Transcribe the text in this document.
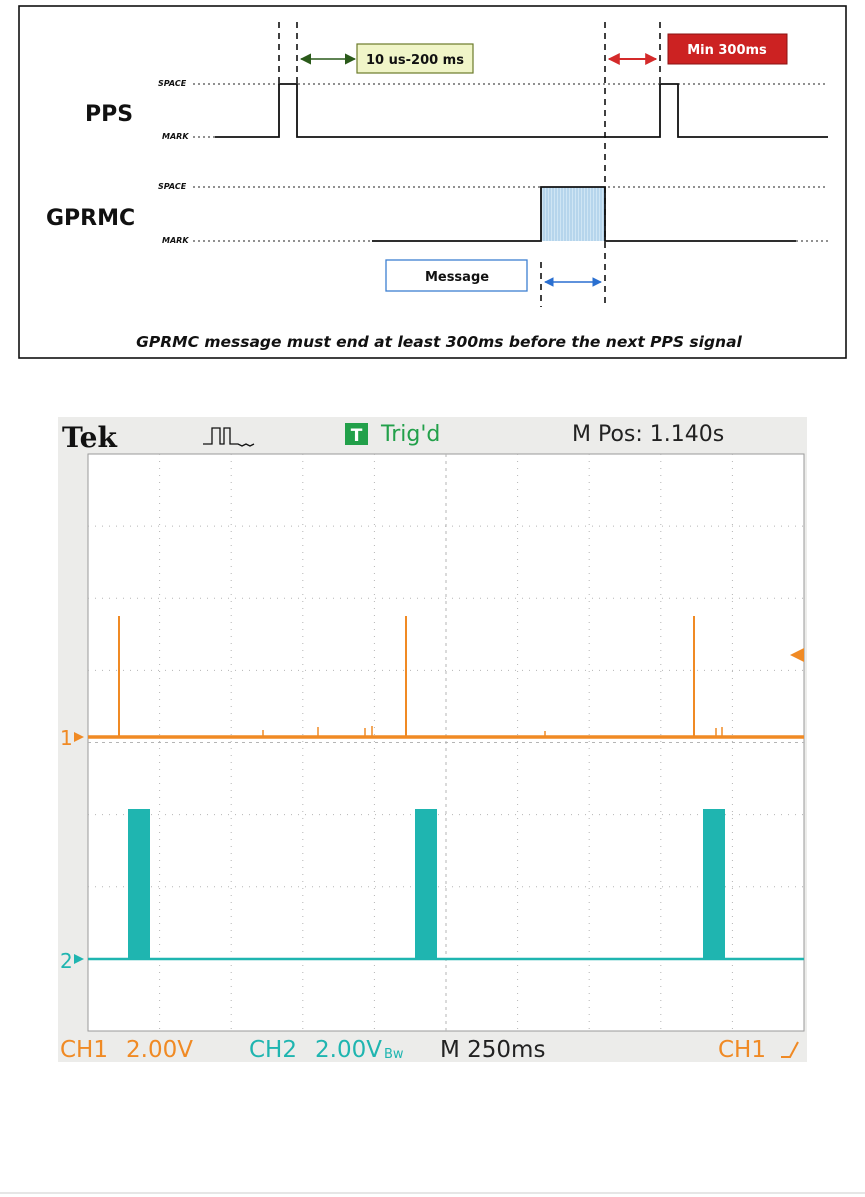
PPS
GPRMC
SPACE
MARK
SPACE
MARK
10 us-200 ms
Min 300ms
Message
GPRMC message must end at least 300ms before the next PPS signal
Tek	T Trig'd	M Pos: 1.140s
1
2
CH1 2.00V CH2 2.00V Bw M 250ms	CH1
